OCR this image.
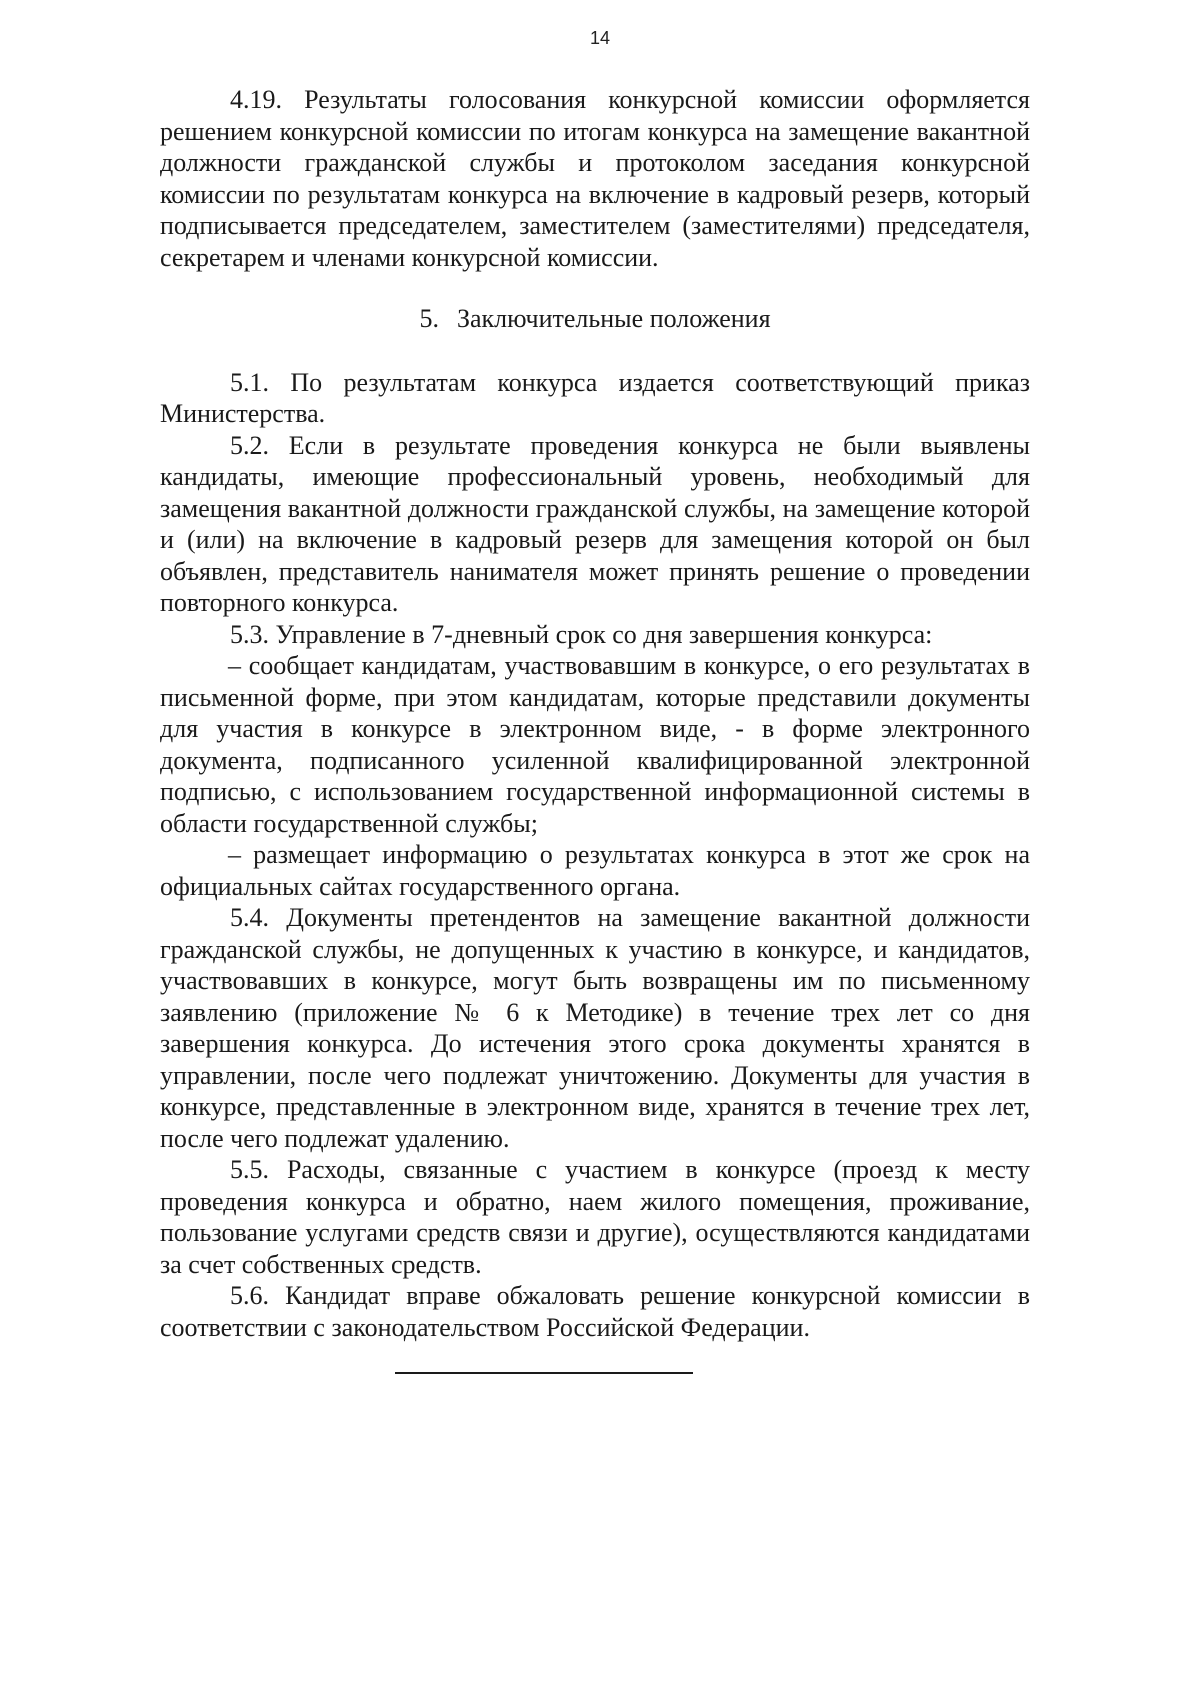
14

4.19. Результаты голосования конкурсной комиссии оформляется решением конкурсной комиссии по итогам конкурса на замещение вакантной должности гражданской службы и протоколом заседания конкурсной комиссии по результатам конкурса на включение в кадровый резерв, который подписывается председателем, заместителем (заместителями) председателя, секретарем и членами конкурсной комиссии.

5. Заключительные положения

5.1. По результатам конкурса издается соответствующий приказ Министерства.

5.2. Если в результате проведения конкурса не были выявлены кандидаты, имеющие профессиональный уровень, необходимый для замещения вакантной должности гражданской службы, на замещение которой и (или) на включение в кадровый резерв для замещения которой он был объявлен, представитель нанимателя может принять решение о проведении повторного конкурса.

5.3. Управление в 7-дневный срок со дня завершения конкурса:

– сообщает кандидатам, участвовавшим в конкурсе, о его результатах в письменной форме, при этом кандидатам, которые представили документы для участия в конкурсе в электронном виде, - в форме электронного документа, подписанного усиленной квалифицированной электронной подписью, с использованием государственной информационной системы в области государственной службы;

– размещает информацию о результатах конкурса в этот же срок на официальных сайтах государственного органа.

5.4. Документы претендентов на замещение вакантной должности гражданской службы, не допущенных к участию в конкурсе, и кандидатов, участвовавших в конкурсе, могут быть возвращены им по письменному заявлению (приложение № 6 к Методике) в течение трех лет со дня завершения конкурса. До истечения этого срока документы хранятся в управлении, после чего подлежат уничтожению. Документы для участия в конкурсе, представленные в электронном виде, хранятся в течение трех лет, после чего подлежат удалению.

5.5. Расходы, связанные с участием в конкурсе (проезд к месту проведения конкурса и обратно, наем жилого помещения, проживание, пользование услугами средств связи и другие), осуществляются кандидатами за счет собственных средств.

5.6. Кандидат вправе обжаловать решение конкурсной комиссии в соответствии с законодательством Российской Федерации.
